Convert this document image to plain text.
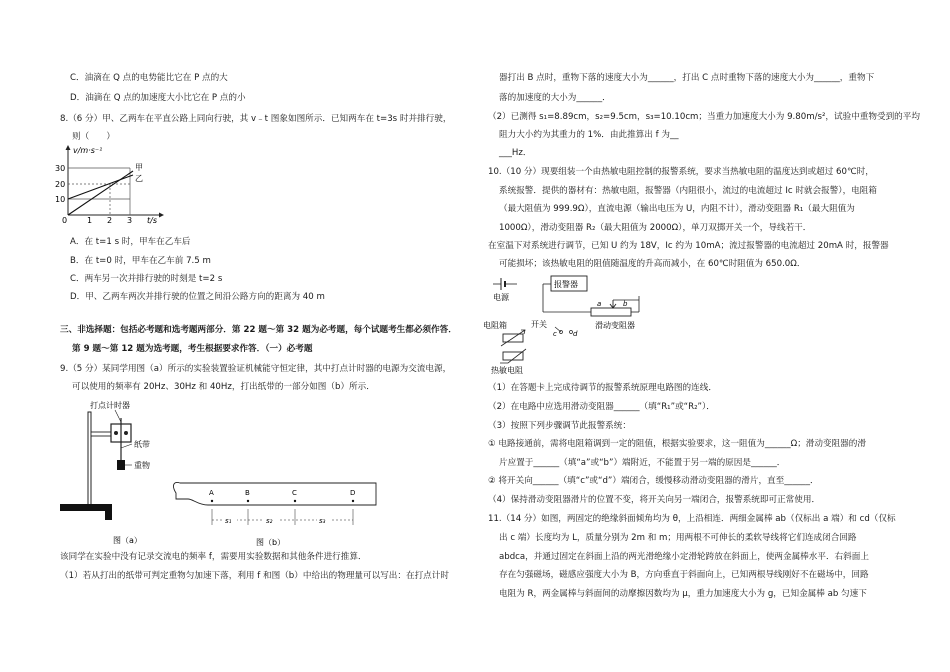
C．油滴在 Q 点的电势能比它在 P 点的大
D．油滴在 Q 点的加速度大小比它在 P 点的小
8.（6 分）甲、乙两车在平直公路上同向行驶，其 v﹣t 图象如图所示．已知两车在 t=3s 时并排行驶，
则（　　）
v/m·s⁻¹
t/s
甲
乙
30
20
10
0 1 2 3
A．在 t=1 s 时，甲车在乙车后
B．在 t=0 时，甲车在乙车前 7.5 m
C．两车另一次并排行驶的时刻是 t=2 s
D．甲、乙两车两次并排行驶的位置之间沿公路方向的距离为 40 m
三、非选择题：包括必考题和选考题两部分．第 22 题～第 32 题为必考题，每个试题考生都必须作答．
第 9 题～第 12 题为选考题，考生根据要求作答．（一）必考题
9.（5 分）某同学用图（a）所示的实验装置验证机械能守恒定律，其中打点计时器的电源为交流电源，
可以使用的频率有 20Hz、30Hz 和 40Hz，打出纸带的一部分如图（b）所示．
打点计时器
纸带
重物
图（a）
A	B	C	D
s₁	s₂	s₃
图（b）
该同学在实验中没有记录交流电的频率 f，需要用实验数据和其他条件进行推算．
（1）若从打出的纸带可判定重物匀加速下落，利用 f 和图（b）中给出的物理量可以写出：在打点计时
器打出 B 点时，重物下落的速度大小为______，打出 C 点时重物下落的速度大小为______，重物下
落的加速度的大小为______．
（2）已测得 s₁=8.89cm，s₂=9.5cm，s₃=10.10cm；当重力加速度大小为 9.80m/s²，试验中重物受到的平均
阻力大小约为其重力的 1%．由此推算出 f 为__
___Hz．
10.（10 分）现要组装一个由热敏电阻控制的报警系统，要求当热敏电阻的温度达到或超过 60℃时，
系统报警．提供的器材有：热敏电阻，报警器（内阻很小，流过的电流超过 Ic 时就会报警），电阻箱
（最大阻值为 999.9Ω），直流电源（输出电压为 U，内阻不计），滑动变阻器 R₁（最大阻值为
1000Ω），滑动变阻器 R₂（最大阻值为 2000Ω），单刀双掷开关一个，导线若干．
在室温下对系统进行调节，已知 U 约为 18V，Ic 约为 10mA；流过报警器的电流超过 20mA 时，报警器
可能损坏；该热敏电阻的阻值随温度的升高而减小，在 60℃时阻值为 650.0Ω．
电源
报警器
a	b
滑动变阻器
开关
c d
电阻箱
热敏电阻
（1）在答题卡上完成待调节的报警系统原理电路图的连线．
（2）在电路中应选用滑动变阻器______（填“R₁”或“R₂”）．
（3）按照下列步骤调节此报警系统：
① 电路接通前，需将电阻箱调到一定的阻值，根据实验要求，这一阻值为______Ω；滑动变阻器的滑
片应置于______（填“a”或“b”）端附近，不能置于另一端的原因是______．
② 将开关向______（填“c”或“d”）端闭合，缓慢移动滑动变阻器的滑片，直至______．
（4）保持滑动变阻器滑片的位置不变，将开关向另一端闭合，报警系统即可正常使用．
11.（14 分）如图，两固定的绝缘斜面倾角均为 θ，上沿相连．两细金属棒 ab（仅标出 a 端）和 cd（仅标
出 c 端）长度均为 L，质量分别为 2m 和 m；用两根不可伸长的柔软导线将它们连成闭合回路
abdca，并通过固定在斜面上沿的两光滑绝缘小定滑轮跨放在斜面上，使两金属棒水平．右斜面上
存在匀强磁场，磁感应强度大小为 B，方向垂直于斜面向上，已知两根导线刚好不在磁场中，回路
电阻为 R，两金属棒与斜面间的动摩擦因数均为 μ，重力加速度大小为 g，已知金属棒 ab 匀速下
